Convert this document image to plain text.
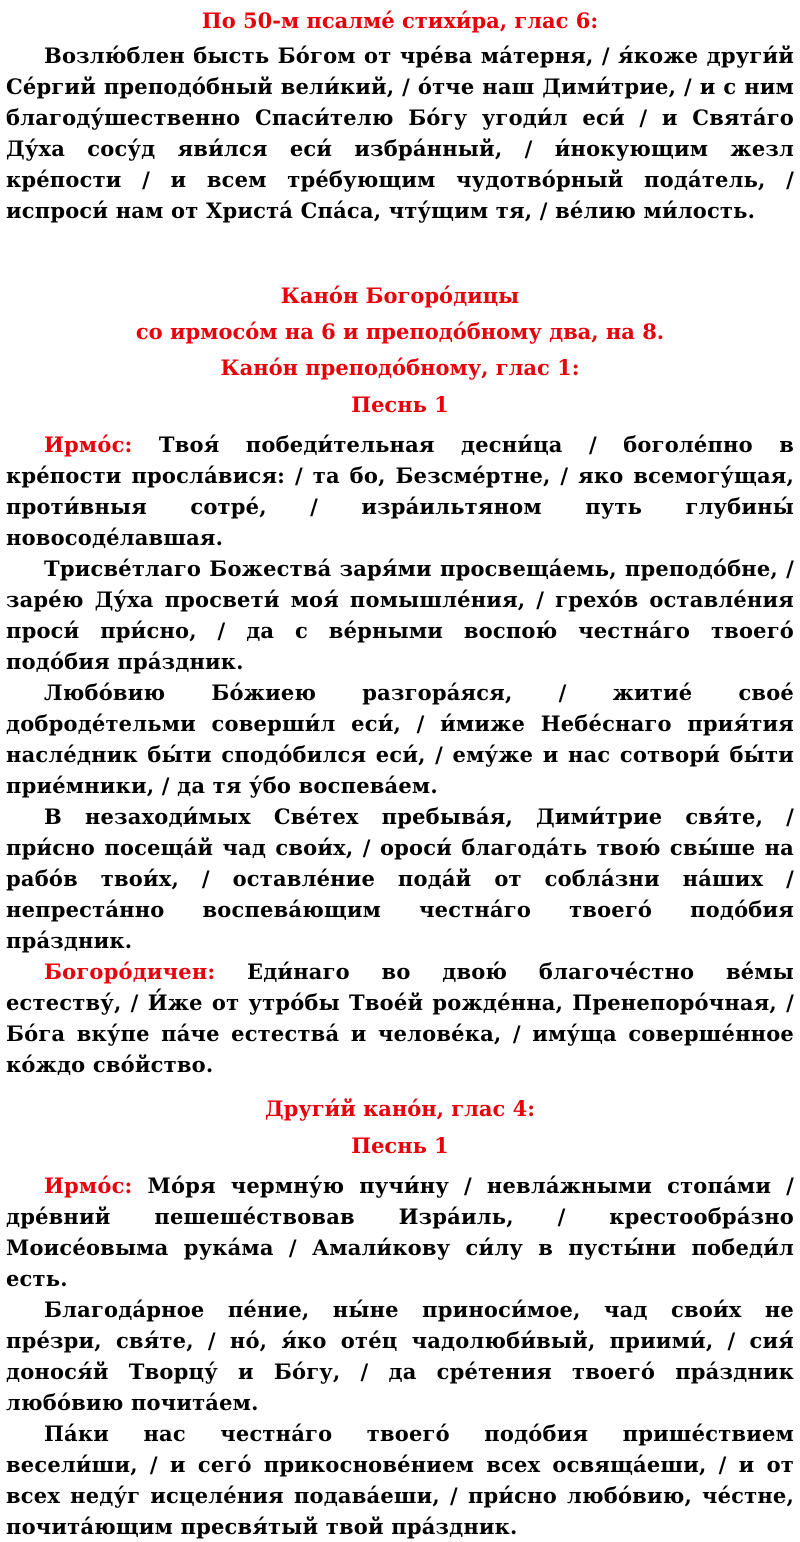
По 50-м псалме́ стихи́ра, глас 6:

Возлю́блен бысть Бо́гом от чре́ва ма́терня, / я́коже други́й Се́ргий преподо́бный вели́кий, / о́тче наш Дими́трие, / и с ним благоду́шественно Спаси́телю Бо́гу угоди́л еси́ / и Свята́го Ду́ха сосу́д яви́лся еси́ избра́нный, / и́нокующим жезл кре́пости / и всем тре́бующим чудотво́рный пода́тель, / испроси́ нам от Христа́ Спа́са, чту́щим тя, / ве́лию ми́лость.

Кано́н Богоро́дицы
со ирмосо́м на 6 и преподо́бному два, на 8.
Кано́н преподо́бному, глас 1:
Песнь 1

Ирмо́с: Твоя́ победи́тельная десни́ца / боголе́пно в кре́пости просла́вися: / та бо, Безсме́ртне, / яко всемогу́щая, проти́вныя сотре́, / изра́ильтяном путь глубины́ новосоде́лавшая.

Трисве́тлаго Божества́ заря́ми просвеща́емь, преподо́бне, / заре́ю Ду́ха просвети́ моя́ помышле́ния, / грехо́в оставле́ния проси́ при́сно, / да с ве́рными воспою́ честна́го твоего́ подо́бия пра́здник.

Любо́вию Бо́жиею разгора́яся, / житие́ свое́ доброде́тельми соверши́л еси́, / и́миже Небе́снаго прия́тия насле́дник бы́ти сподо́бился еси́, / ему́же и нас сотвори́ бы́ти прие́мники, / да тя у́бо воспева́ем.

В незаходи́мых Све́тех пребыва́я, Дими́трие свя́те, / при́сно посеща́й чад свои́х, / ороси́ благода́ть твою́ свы́ше на рабо́в твои́х, / оставле́ние пода́й от собла́зни на́ших / непреста́нно воспева́ющим честна́го твоего́ подо́бия пра́здник.

Богоро́дичен: Еди́наго во двою́ благоче́стно ве́мы естеству́, / И́же от утро́бы Твое́й рожде́нна, Пренепоро́чная, / Бо́га вку́пе па́че естества́ и челове́ка, / иму́ща соверше́нное ко́ждо сво́йство.

Други́й кано́н, глас 4:
Песнь 1

Ирмо́с: Мо́ря чермну́ю пучи́ну / невла́жными стопа́ми / дре́вний пешеше́ствовав Изра́иль, / крестообра́зно Моисе́овыма рука́ма / Амали́кову си́лу в пусты́ни победи́л есть.

Благода́рное пе́ние, ны́не приноси́мое, чад свои́х не пре́зри, свя́те, / но́, я́ко оте́ц чадолюби́вый, приими́, / сия́ донося́й Творцу́ и Бо́гу, / да сре́тения твоего́ пра́здник любо́вию почита́ем.

Па́ки нас честна́го твоего́ подо́бия прише́ствием весели́ши, / и сего́ прикоснове́нием всех освяща́еши, / и от всех неду́г исцеле́ния подава́еши, / при́сно любо́вию, че́стне, почита́ющим пресвя́тый твой пра́здник.
